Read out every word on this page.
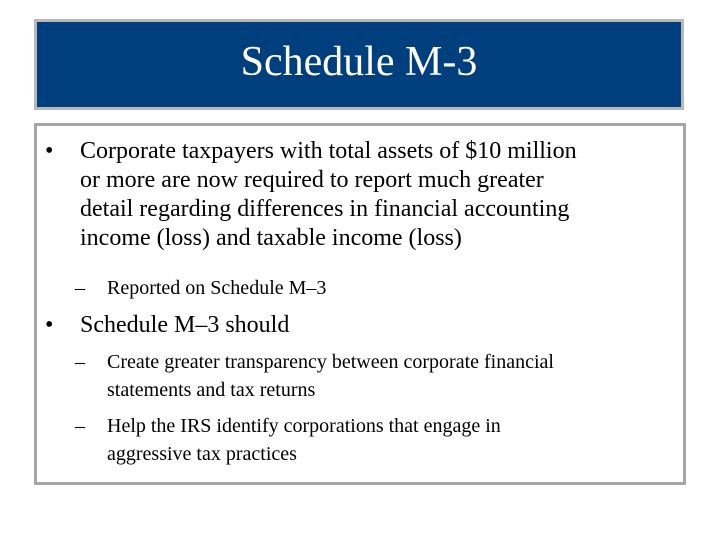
Schedule M-3
• Corporate taxpayers with total assets of $10 million
or more are now required to report much greater
detail regarding differences in financial accounting
income (loss) and taxable income (loss)
– Reported on Schedule M–3
• Schedule M–3 should
– Create greater transparency between corporate financial
statements and tax returns
– Help the IRS identify corporations that engage in
aggressive tax practices
